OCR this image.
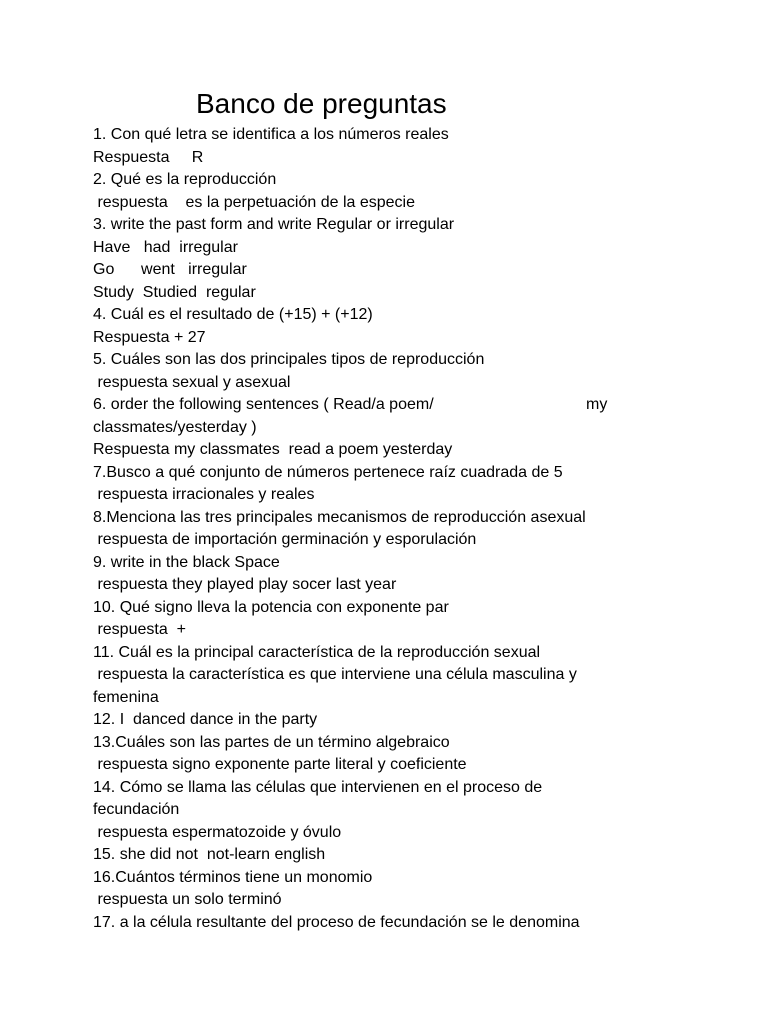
Banco de preguntas
1. Con qué letra se identifica a los números reales
Respuesta     R
2. Qué es la reproducción
respuesta    es la perpetuación de la especie
3. write the past form and write Regular or irregular
Have   had  irregular
Go      went   irregular
Study  Studied  regular
4. Cuál es el resultado de (+15) + (+12)
Respuesta + 27
5. Cuáles son las dos principales tipos de reproducción
respuesta sexual y asexual
6. order the following sentences ( Read/a poem/	my
classmates/yesterday )
Respuesta my classmates  read a poem yesterday
7.Busco a qué conjunto de números pertenece raíz cuadrada de 5
respuesta irracionales y reales
8.Menciona las tres principales mecanismos de reproducción asexual
respuesta de importación germinación y esporulación
9. write in the black Space
respuesta they played play socer last year
10. Qué signo lleva la potencia con exponente par
respuesta  +
11. Cuál es la principal característica de la reproducción sexual
respuesta la característica es que interviene una célula masculina y
femenina
12. I  danced dance in the party
13.Cuáles son las partes de un término algebraico
respuesta signo exponente parte literal y coeficiente
14. Cómo se llama las células que intervienen en el proceso de
fecundación
respuesta espermatozoide y óvulo
15. she did not  not-learn english
16.Cuántos términos tiene un monomio
respuesta un solo terminó
17. a la célula resultante del proceso de fecundación se le denomina
